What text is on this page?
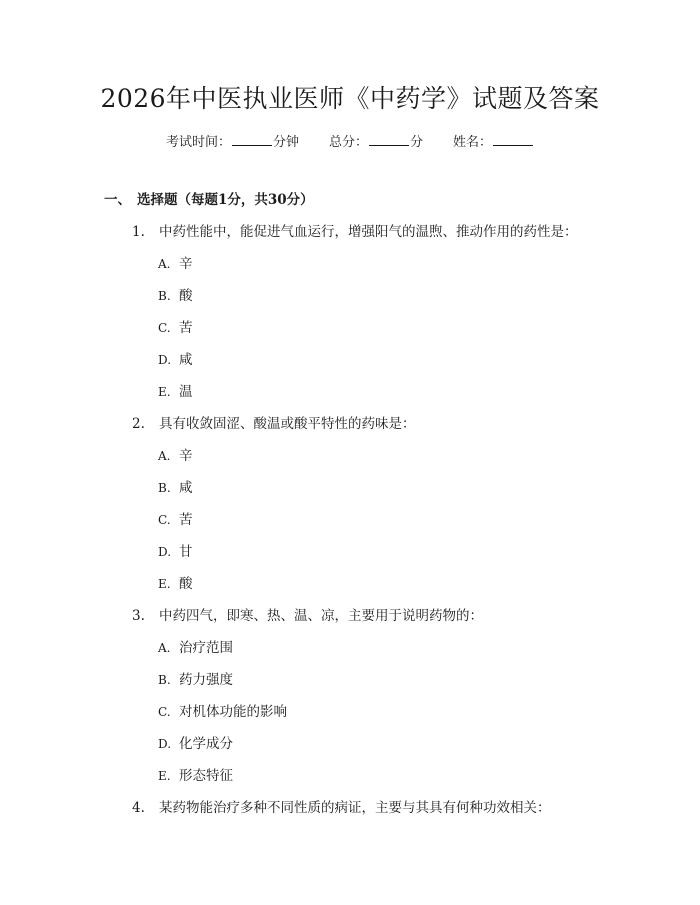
2026年中医执业医师《中药学》试题及答案
考试时间：	分钟 总分：	分 姓名：
一、 选择题（每题1分，共30分）
1.	中药性能中，能促进气血运行，增强阳气的温煦、推动作用的药性是：
A. 辛
B. 酸
C. 苦
D. 咸
E. 温
2.	具有收敛固涩、酸温或酸平特性的药味是：
A. 辛
B. 咸
C. 苦
D. 甘
E. 酸
3.	中药四气，即寒、热、温、凉，主要用于说明药物的：
A. 治疗范围
B. 药力强度
C. 对机体功能的影响
D. 化学成分
E. 形态特征
4.	某药物能治疗多种不同性质的病证，主要与其具有何种功效相关：
